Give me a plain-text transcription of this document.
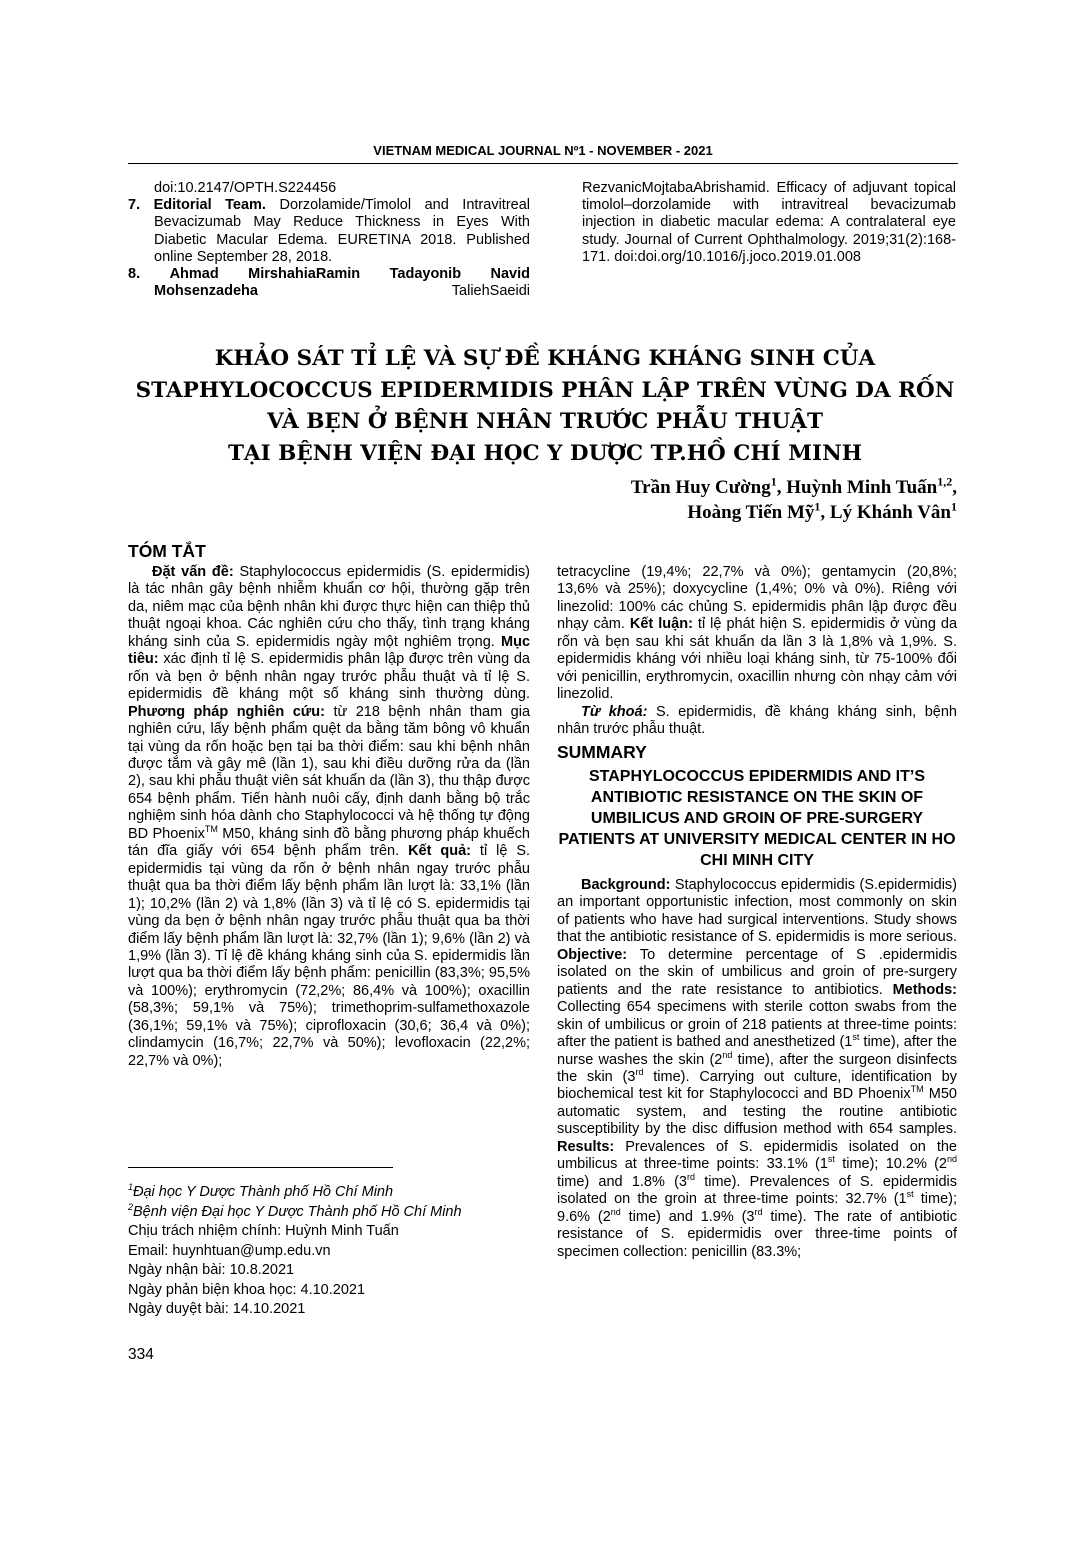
VIETNAM MEDICAL JOURNAL Nº1 - NOVEMBER - 2021

doi:10.2147/OPTH.S224456

7. Editorial Team. Dorzolamide/Timolol and Intravitreal Bevacizumab May Reduce Thickness in Eyes With Diabetic Macular Edema. EURETINA 2018. Published online September 28, 2018.

8. Ahmad MirshahiaRamin Tadayonib Navid Mohsenzadeha	TaliehSaeidi

RezvanicMojtabaAbrishamid. Efficacy of adjuvant topical timolol–dorzolamide with intravitreal bevacizumab injection in diabetic macular edema: A contralateral eye study. Journal of Current Ophthalmology. 2019;31(2):168-171. doi:doi.org/10.1016/j.joco.2019.01.008

KHẢO SÁT TỈ LỆ VÀ SỰ ĐỀ KHÁNG KHÁNG SINH CỦA
STAPHYLOCOCCUS EPIDERMIDIS PHÂN LẬP TRÊN VÙNG DA RỐN
VÀ BẸN Ở BỆNH NHÂN TRƯỚC PHẪU THUẬT
TẠI BỆNH VIỆN ĐẠI HỌC Y DƯỢC TP.HỒ CHÍ MINH
Trần Huy Cường$^1$, Huỳnh Minh Tuấn$^{1,2}$,
Hoàng Tiến Mỹ$^1$, Lý Khánh Vân$^1$
TÓM TẮT

Đặt vấn đề: Staphylococcus epidermidis (S. epidermidis) là tác nhân gây bệnh nhiễm khuẩn cơ hội, thường gặp trên da, niêm mạc của bệnh nhân khi được thực hiện can thiệp thủ thuật ngoại khoa. Các nghiên cứu cho thấy, tình trạng kháng kháng sinh của S. epidermidis ngày một nghiêm trọng. Mục tiêu: xác định tỉ lệ S. epidermidis phân lập được trên vùng da rốn và bẹn ở bệnh nhân ngay trước phẫu thuật và tỉ lệ S. epidermidis đề kháng một số kháng sinh thường dùng. Phương pháp nghiên cứu: từ 218 bệnh nhân tham gia nghiên cứu, lấy bệnh phẩm quệt da bằng tăm bông vô khuẩn tại vùng da rốn hoặc bẹn tại ba thời điểm: sau khi bệnh nhân được tắm và gây mê (lần 1), sau khi điều dưỡng rửa da (lần 2), sau khi phẫu thuật viên sát khuẩn da (lần 3), thu thập được 654 bệnh phẩm. Tiến hành nuôi cấy, định danh bằng bộ trắc nghiệm sinh hóa dành cho Staphylococci và hệ thống tự động BD Phoenix™ M50, kháng sinh đồ bằng phương pháp khuếch tán đĩa giấy với 654 bệnh phẩm trên. Kết quả: tỉ lệ S. epidermidis tại vùng da rốn ở bệnh nhân ngay trước phẫu thuật qua ba thời điểm lấy bệnh phẩm lần lượt là: 33,1% (lần 1); 10,2% (lần 2) và 1,8% (lần 3) và tỉ lệ có S. epidermidis tại vùng da bẹn ở bệnh nhân ngay trước phẫu thuật qua ba thời điểm lấy bệnh phẩm lần lượt là: 32,7% (lần 1); 9,6% (lần 2) và 1,9% (lần 3). Tỉ lệ đề kháng kháng sinh của S. epidermidis lần lượt qua ba thời điểm lấy bệnh phẩm: penicillin (83,3%; 95,5% và 100%); erythromycin (72,2%; 86,4% và 100%); oxacillin (58,3%; 59,1% và 75%); trimethoprim-sulfamethoxazole (36,1%; 59,1% và 75%); ciprofloxacin (30,6; 36,4 và 0%); clindamycin (16,7%; 22,7% và 50%); levofloxacin (22,2%; 22,7% và 0%);

tetracycline (19,4%; 22,7% và 0%); gentamycin (20,8%; 13,6% và 25%); doxycycline (1,4%; 0% và 0%). Riêng với linezolid: 100% các chủng S. epidermidis phân lập được đều nhạy cảm. Kết luận: tỉ lệ phát hiện S. epidermidis ở vùng da rốn và bẹn sau khi sát khuẩn da lần 3 là 1,8% và 1,9%. S. epidermidis kháng với nhiều loại kháng sinh, từ 75-100% đối với penicillin, erythromycin, oxacillin nhưng còn nhạy cảm với linezolid.

Từ khoá: S. epidermidis, đề kháng kháng sinh, bệnh nhân trước phẫu thuật.

SUMMARY
STAPHYLOCOCCUS EPIDERMIDIS AND IT’S ANTIBIOTIC RESISTANCE ON THE SKIN OF UMBILICUS AND GROIN OF PRE-SURGERY PATIENTS AT UNIVERSITY MEDICAL CENTER IN HO CHI MINH CITY

Background: Staphylococcus epidermidis (S.epidermidis) an important opportunistic infection, most commonly on skin of patients who have had surgical interventions. Study shows that the antibiotic resistance of S. epidermidis is more serious. Objective: To determine percentage of S .epidermidis isolated on the skin of umbilicus and groin of pre-surgery patients and the rate resistance to antibiotics. Methods: Collecting 654 specimens with sterile cotton swabs from the skin of umbilicus or groin of 218 patients at three-time points: after the patient is bathed and anesthetized (1st time), after the nurse washes the skin (2nd time), after the surgeon disinfects the skin (3rd time). Carrying out culture, identification by biochemical test kit for Staphylococci and BD Phoenix™ M50 automatic system, and testing the routine antibiotic susceptibility by the disc diffusion method with 654 samples. Results: Prevalences of S. epidermidis isolated on the umbilicus at three-time points: 33.1% (1st time); 10.2% (2nd time) and 1.8% (3rd time). Prevalences of S. epidermidis isolated on the groin at three-time points: 32.7% (1st time); 9.6% (2nd time) and 1.9% (3rd time). The rate of antibiotic resistance of S. epidermidis over three-time points of specimen collection: penicillin (83.3%;

$^1$Đại học Y Dược Thành phố Hồ Chí Minh

$^2$Bệnh viện Đại học Y Dược Thành phố Hồ Chí Minh

Chịu trách nhiệm chính: Huỳnh Minh Tuấn

Email: huynhtuan@ump.edu.vn

Ngày nhận bài: 10.8.2021

Ngày phản biện khoa học: 4.10.2021

Ngày duyệt bài: 14.10.2021

334
